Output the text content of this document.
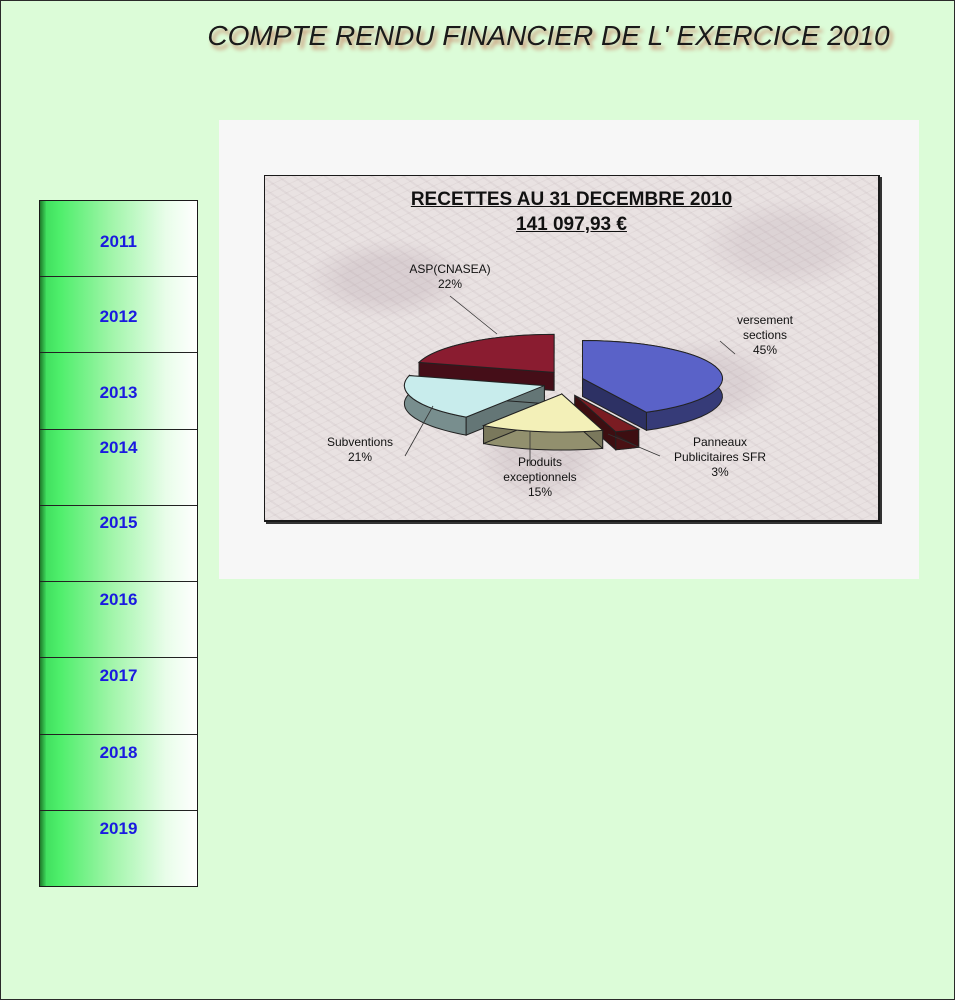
COMPTE RENDU FINANCIER DE L' EXERCICE 2010
2011
2012
2013
2014
2015
2016
2017
2018
2019
RECETTES AU 31 DECEMBRE 2010
141 097,93 €
versement sections 45%
Panneaux Publicitaires SFR 3%
Produits exceptionnels 15%
Subventions 21%
ASP(CNASEA) 22%
